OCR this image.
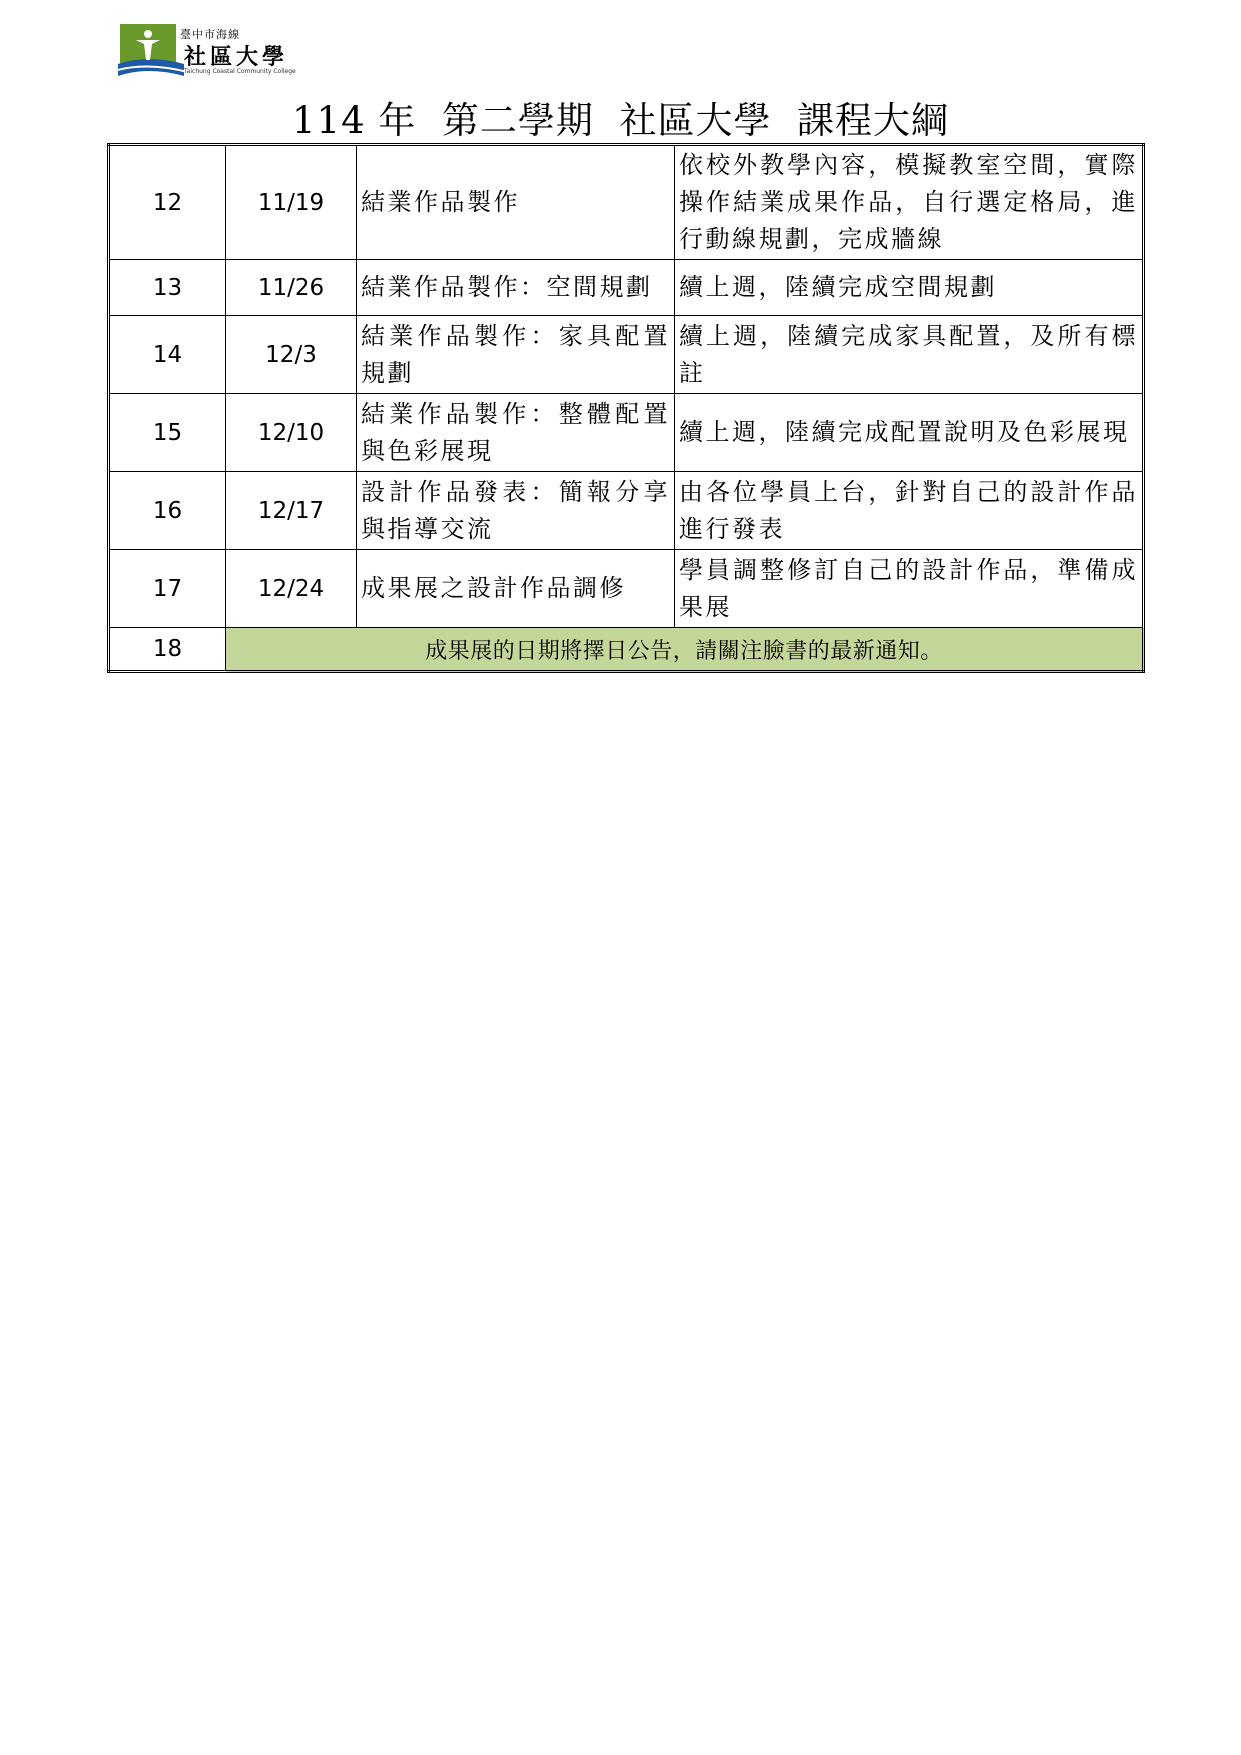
臺中市海線
社區大學
Taichung Coastal Community College
114 年  第二學期  社區大學  課程大綱
12	11/19	結業作品製作	依校外教學內容，模擬教室空間，實際操作結業成果作品，自行選定格局，進行動線規劃，完成牆線
13	11/26	結業作品製作：空間規劃	續上週，陸續完成空間規劃
14	12/3	結業作品製作：家具配置規劃	續上週，陸續完成家具配置，及所有標註
15	12/10	結業作品製作：整體配置與色彩展現	續上週，陸續完成配置說明及色彩展現
16	12/17	設計作品發表：簡報分享與指導交流	由各位學員上台，針對自己的設計作品進行發表
17	12/24	成果展之設計作品調修	學員調整修訂自己的設計作品，準備成果展
18	成果展的日期將擇日公告，請關注臉書的最新通知。		
